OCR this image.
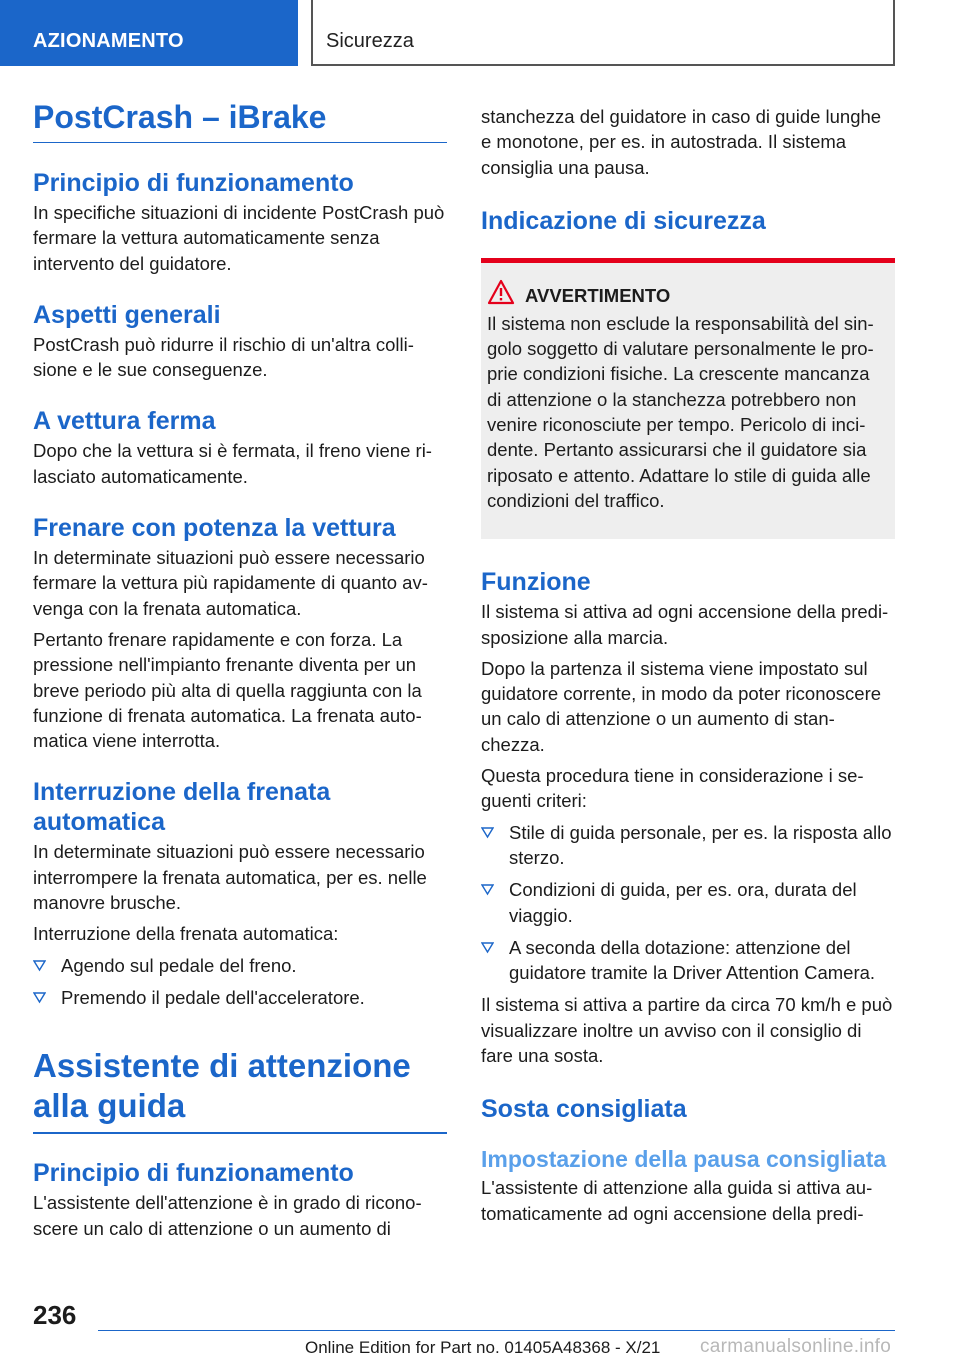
AZIONAMENTO	Sicurezza
PostCrash – iBrake
Principio di funzionamento

In specifiche situazioni di incidente PostCrash può fermare la vettura automaticamente senza intervento del guidatore.

Aspetti generali

PostCrash può ridurre il rischio di un'altra colli-sione e le sue conseguenze.

A vettura ferma

Dopo che la vettura si è fermata, il freno viene ri-lasciato automaticamente.

Frenare con potenza la vettura

In determinate situazioni può essere necessario fermare la vettura più rapidamente di quanto av-venga con la frenata automatica.

Pertanto frenare rapidamente e con forza. La pressione nell'impianto frenante diventa per un breve periodo più alta di quella raggiunta con la funzione di frenata automatica. La frenata auto-matica viene interrotta.

Interruzione della frenata automatica

In determinate situazioni può essere necessario interrompere la frenata automatica, per es. nelle manovre brusche.

Interruzione della frenata automatica:

Agendo sul pedale del freno.
Premendo il pedale dell'acceleratore.
Assistente di attenzione alla guida
Principio di funzionamento

L'assistente dell'attenzione è in grado di ricono-scere un calo di attenzione o un aumento di

stanchezza del guidatore in caso di guide lunghe e monotone, per es. in autostrada. Il sistema consiglia una pausa.

Indicazione di sicurezza
AVVERTIMENTO

Il sistema non esclude la responsabilità del sin-golo soggetto di valutare personalmente le pro-prie condizioni fisiche. La crescente mancanza di attenzione o la stanchezza potrebbero non venire riconosciute per tempo. Pericolo di inci-dente. Pertanto assicurarsi che il guidatore sia riposato e attento. Adattare lo stile di guida alle condizioni del traffico.

Funzione

Il sistema si attiva ad ogni accensione della predi-sposizione alla marcia.

Dopo la partenza il sistema viene impostato sul guidatore corrente, in modo da poter riconoscere un calo di attenzione o un aumento di stan-chezza.

Questa procedura tiene in considerazione i se-guenti criteri:

Stile di guida personale, per es. la risposta allo sterzo.
Condizioni di guida, per es. ora, durata del viaggio.
A seconda della dotazione: attenzione del guidatore tramite la Driver Attention Camera.

Il sistema si attiva a partire da circa 70 km/h e può visualizzare inoltre un avviso con il consiglio di fare una sosta.

Sosta consigliata
Impostazione della pausa consigliata

L'assistente di attenzione alla guida si attiva au-tomaticamente ad ogni accensione della predi-

236
Online Edition for Part no. 01405A48368 - X/21 carmanualsonline.info
